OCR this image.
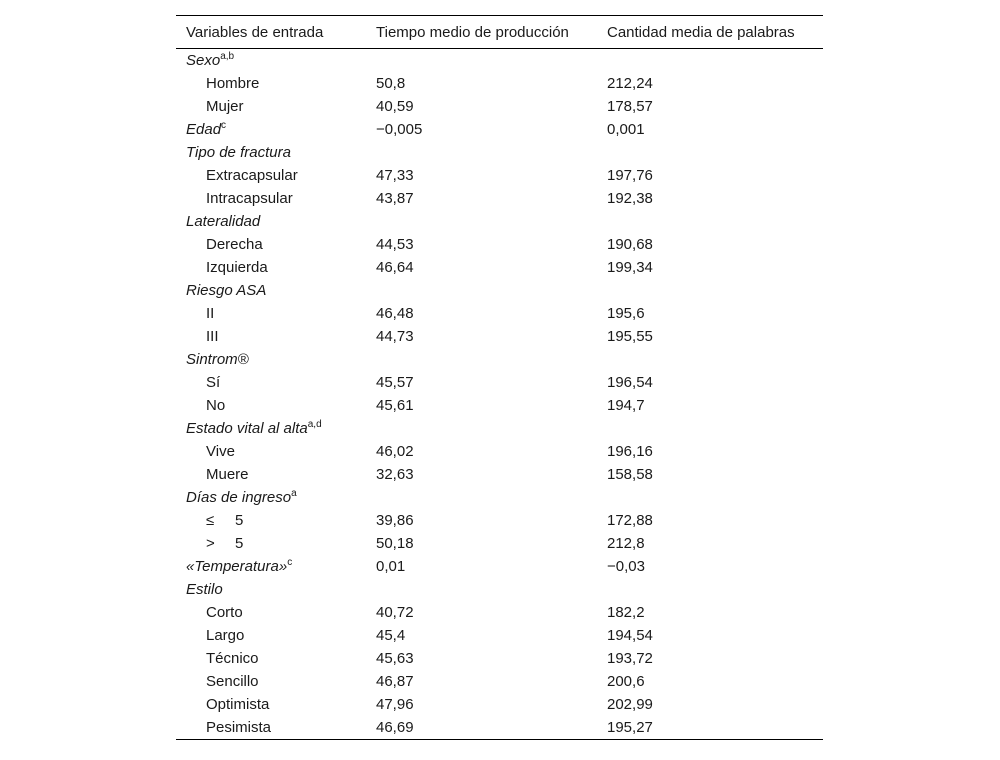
Variables de entrada	Tiempo medio de producción	Cantidad media de palabras
Sexo$^{a,b}$		
Hombre	50,8	212,24
Mujer	40,59	178,57
Edad$^c$	−0,005	0,001
Tipo de fractura		
Extracapsular	47,33	197,76
Intracapsular	43,87	192,38
Lateralidad		
Derecha	44,53	190,68
Izquierda	46,64	199,34
Riesgo ASA		
II	46,48	195,6
III	44,73	195,55
Sintrom®		
Sí	45,57	196,54
No	45,61	194,7
Estado vital al alta$^{a,d}$		
Vive	46,02	196,16
Muere	32,63	158,58
Días de ingreso$^a$		
≤ 5	39,86	172,88
> 5	50,18	212,8
«Temperatura»$^c$	0,01	−0,03
Estilo		
Corto	40,72	182,2
Largo	45,4	194,54
Técnico	45,63	193,72
Sencillo	46,87	200,6
Optimista	47,96	202,99
Pesimista	46,69	195,27
